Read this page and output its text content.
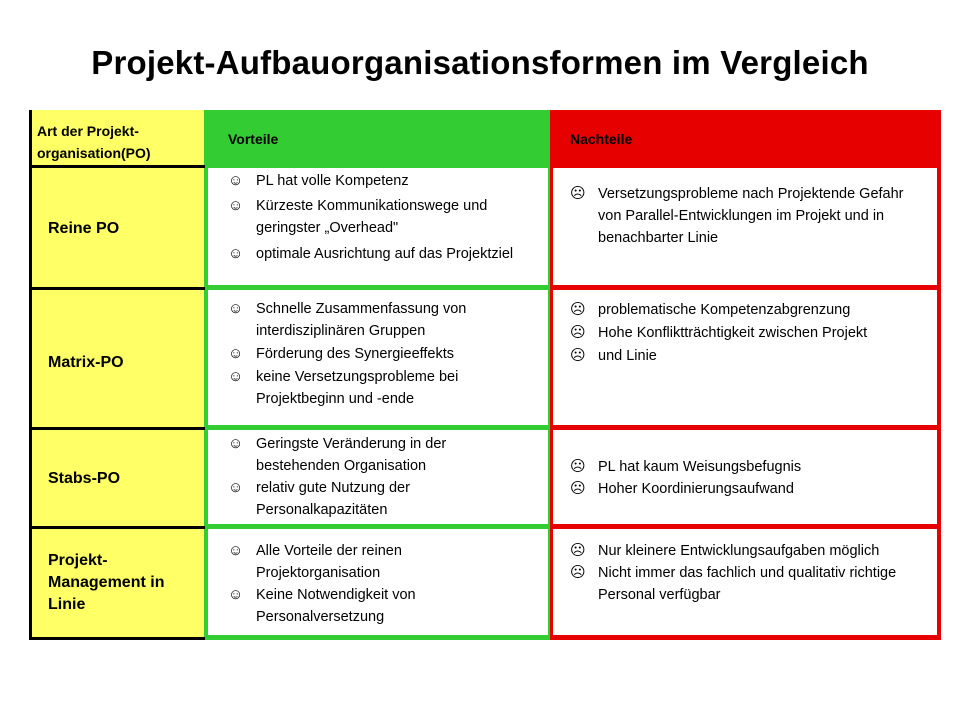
Projekt-Aufbauorganisationsformen im Vergleich
Art der Projekt-organisation(PO)
Vorteile	Nachteile
Reine PO
Matrix-PO
Stabs-PO
Projekt-Management in Linie
☺ PL hat volle Kompetenz
☺ Kürzeste Kommunikationswege und geringster „Overhead"
☺ optimale Ausrichtung auf das Projektziel
☹ Versetzungsprobleme nach Projektende Gefahr von Parallel-Entwicklungen im Projekt und in benachbarter Linie
☺ Schnelle Zusammenfassung von interdisziplinären Gruppen
☺ Förderung des Synergieeffekts
☺ keine Versetzungsprobleme bei Projektbeginn und -ende
☹ problematische Kompetenzabgrenzung
☹ Hohe Konfliktträchtigkeit zwischen Projekt
☹ und Linie
☺ Geringste Veränderung in der bestehenden Organisation
☺ relativ gute Nutzung der Personalkapazitäten
☹ PL hat kaum Weisungsbefugnis
☹ Hoher Koordinierungsaufwand
☺ Alle Vorteile der reinen Projektorganisation
☺ Keine Notwendigkeit von Personalversetzung
☹ Nur kleinere Entwicklungsaufgaben möglich
☹ Nicht immer das fachlich und qualitativ richtige Personal verfügbar
